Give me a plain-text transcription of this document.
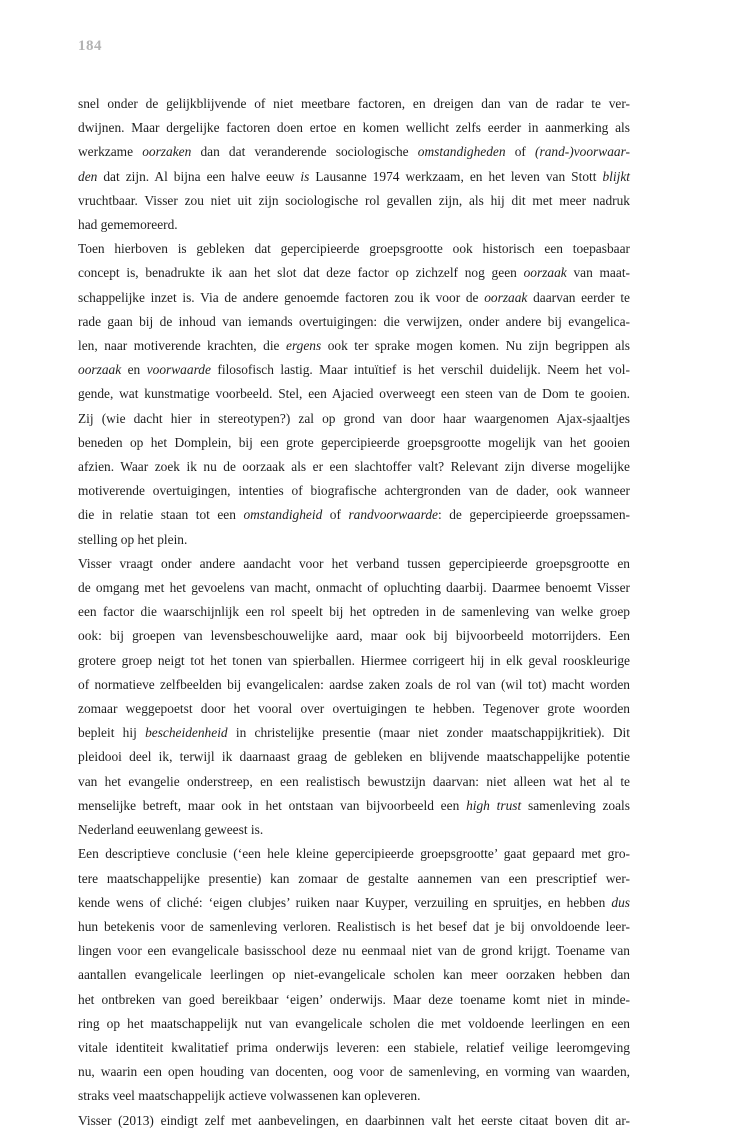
184

snel onder de gelijkblijvende of niet meetbare factoren, en dreigen dan van de radar te ver-
dwijnen. Maar dergelijke factoren doen ertoe en komen wellicht zelfs eerder in aanmerking als
werkzame oorzaken dan dat veranderende sociologische omstandigheden of (rand-)voorwaar-
den dat zijn. Al bijna een halve eeuw is Lausanne 1974 werkzaam, en het leven van Stott blijkt
vruchtbaar. Visser zou niet uit zijn sociologische rol gevallen zijn, als hij dit met meer nadruk
had gememoreerd.

Toen hierboven is gebleken dat gepercipieerde groepsgrootte ook historisch een toepasbaar
concept is, benadrukte ik aan het slot dat deze factor op zichzelf nog geen oorzaak van maat-
schappelijke inzet is. Via de andere genoemde factoren zou ik voor de oorzaak daarvan eerder te
rade gaan bij de inhoud van iemands overtuigingen: die verwijzen, onder andere bij evangelica-
len, naar motiverende krachten, die ergens ook ter sprake mogen komen. Nu zijn begrippen als
oorzaak en voorwaarde filosofisch lastig. Maar intuïtief is het verschil duidelijk. Neem het vol-
gende, wat kunstmatige voorbeeld. Stel, een Ajacied overweegt een steen van de Dom te gooien.
Zij (wie dacht hier in stereotypen?) zal op grond van door haar waargenomen Ajax-sjaaltjes
beneden op het Domplein, bij een grote gepercipieerde groepsgrootte mogelijk van het gooien
afzien. Waar zoek ik nu de oorzaak als er een slachtoffer valt? Relevant zijn diverse mogelijke
motiverende overtuigingen, intenties of biografische achtergronden van de dader, ook wanneer
die in relatie staan tot een omstandigheid of randvoorwaarde: de gepercipieerde groepssamen-
stelling op het plein.

Visser vraagt onder andere aandacht voor het verband tussen gepercipieerde groepsgrootte en
de omgang met het gevoelens van macht, onmacht of opluchting daarbij. Daarmee benoemt Visser
een factor die waarschijnlijk een rol speelt bij het optreden in de samenleving van welke groep
ook: bij groepen van levensbeschouwelijke aard, maar ook bij bijvoorbeeld motorrijders. Een
grotere groep neigt tot het tonen van spierballen. Hiermee corrigeert hij in elk geval rooskleurige
of normatieve zelfbeelden bij evangelicalen: aardse zaken zoals de rol van (wil tot) macht worden
zomaar weggepoetst door het vooral over overtuigingen te hebben. Tegenover grote woorden
bepleit hij bescheidenheid in christelijke presentie (maar niet zonder maatschappijkritiek). Dit
pleidooi deel ik, terwijl ik daarnaast graag de gebleken en blijvende maatschappelijke potentie
van het evangelie onderstreep, en een realistisch bewustzijn daarvan: niet alleen wat het al te
menselijke betreft, maar ook in het ontstaan van bijvoorbeeld een high trust samenleving zoals
Nederland eeuwenlang geweest is.

Een descriptieve conclusie (‘een hele kleine gepercipieerde groepsgrootte’ gaat gepaard met gro-
tere maatschappelijke presentie) kan zomaar de gestalte aannemen van een prescriptief wer-
kende wens of cliché: ‘eigen clubjes’ ruiken naar Kuyper, verzuiling en spruitjes, en hebben dus
hun betekenis voor de samenleving verloren. Realistisch is het besef dat je bij onvoldoende leer-
lingen voor een evangelicale basisschool deze nu eenmaal niet van de grond krijgt. Toename van
aantallen evangelicale leerlingen op niet-evangelicale scholen kan meer oorzaken hebben dan
het ontbreken van goed bereikbaar ‘eigen’ onderwijs. Maar deze toename komt niet in minde-
ring op het maatschappelijk nut van evangelicale scholen die met voldoende leerlingen en een
vitale identiteit kwalitatief prima onderwijs leveren: een stabiele, relatief veilige leeromgeving
nu, waarin een open houding van docenten, oog voor de samenleving, en vorming van waarden,
straks veel maatschappelijk actieve volwassenen kan opleveren.

Visser (2013) eindigt zelf met aanbevelingen, en daarbinnen valt het eerste citaat boven dit ar-
